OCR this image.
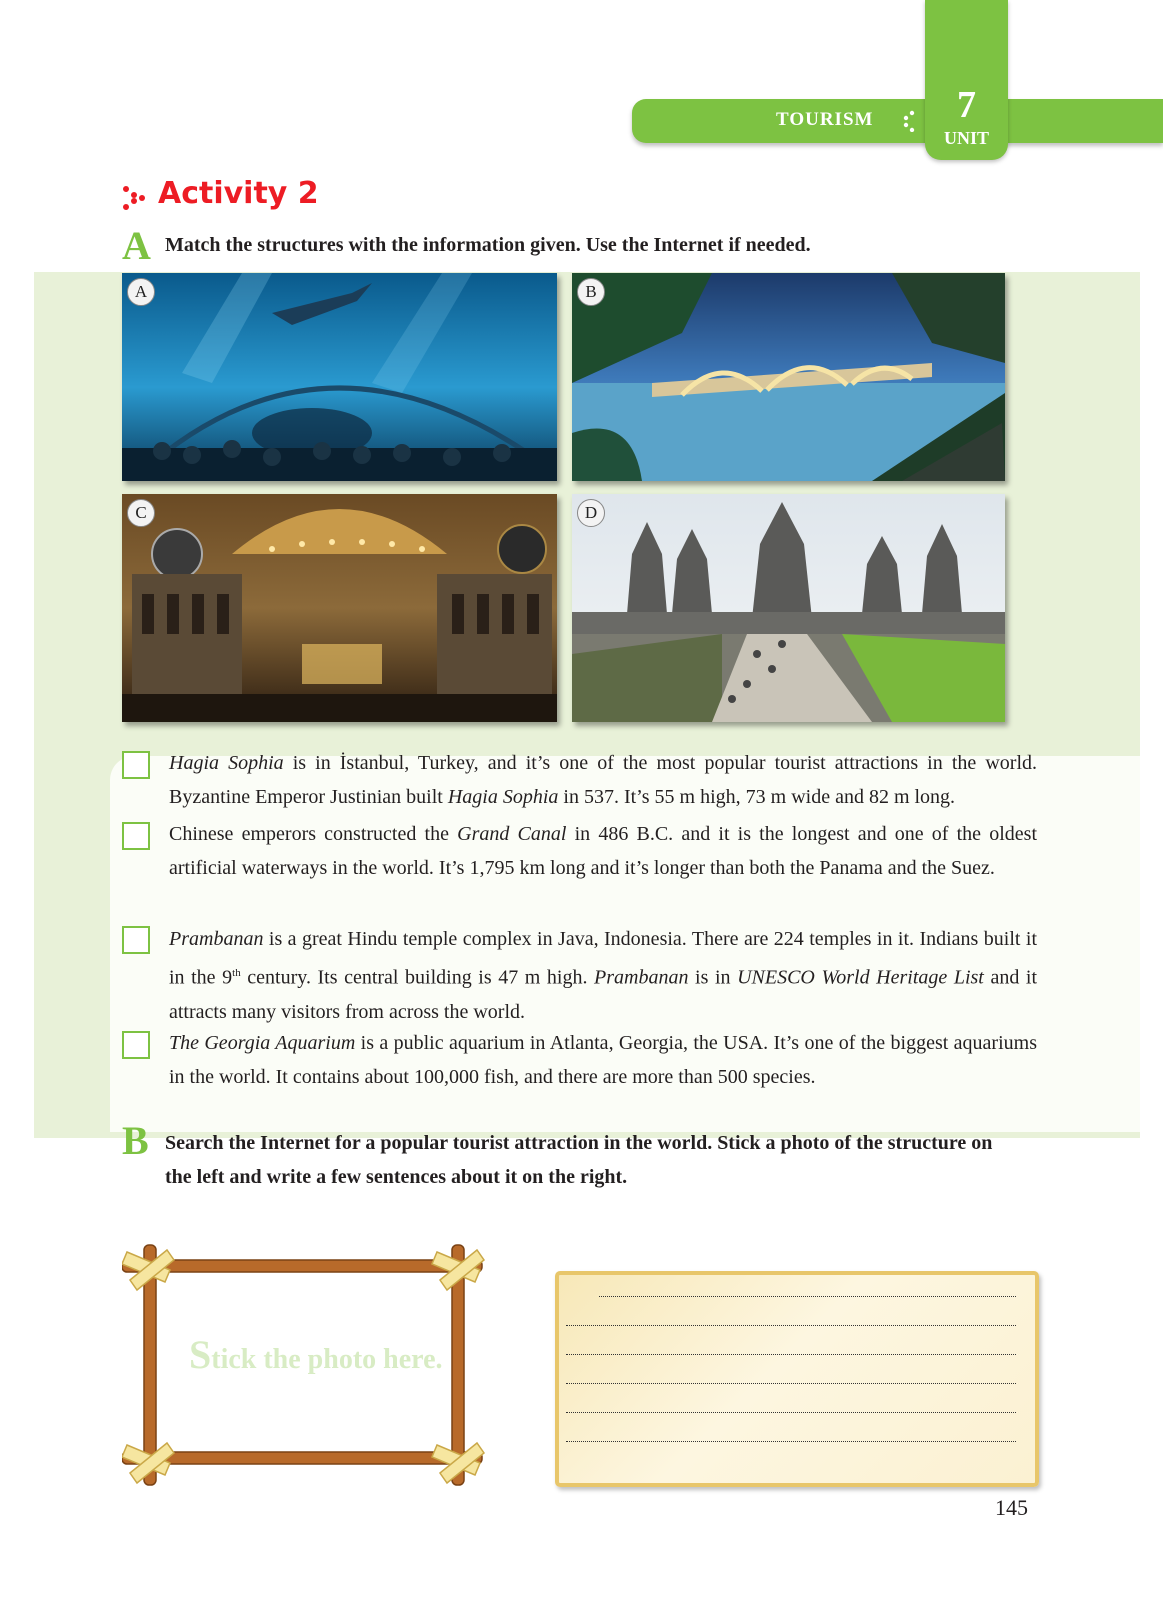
TOURISM	7
UNIT
Activity 2
A Match the structures with the information given. Use the Internet if needed.
A	B
C	D
Hagia Sophia is in İstanbul, Turkey, and it’s one of the most popular tourist attractions in the world. Byzantine Emperor Justinian built Hagia Sophia in 537. It’s 55 m high, 73 m wide and 82 m long.
Chinese emperors constructed the Grand Canal in 486 B.C. and it is the longest and one of the oldest artificial waterways in the world. It’s 1,795 km long and it’s longer than both the Panama and the Suez.
Prambanan is a great Hindu temple complex in Java, Indonesia. There are 224 temples in it. Indians built it in the 9th century. Its central building is 47 m high. Prambanan is in UNESCO World Heritage List and it attracts many visitors from across the world.
The Georgia Aquarium is a public aquarium in Atlanta, Georgia, the USA. It’s one of the biggest aquariums in the world. It contains about 100,000 fish, and there are more than 500 species.
B Search the Internet for a popular tourist attraction in the world. Stick a photo of the structure on the left and write a few sentences about it on the right.
Stick the photo here.
145
